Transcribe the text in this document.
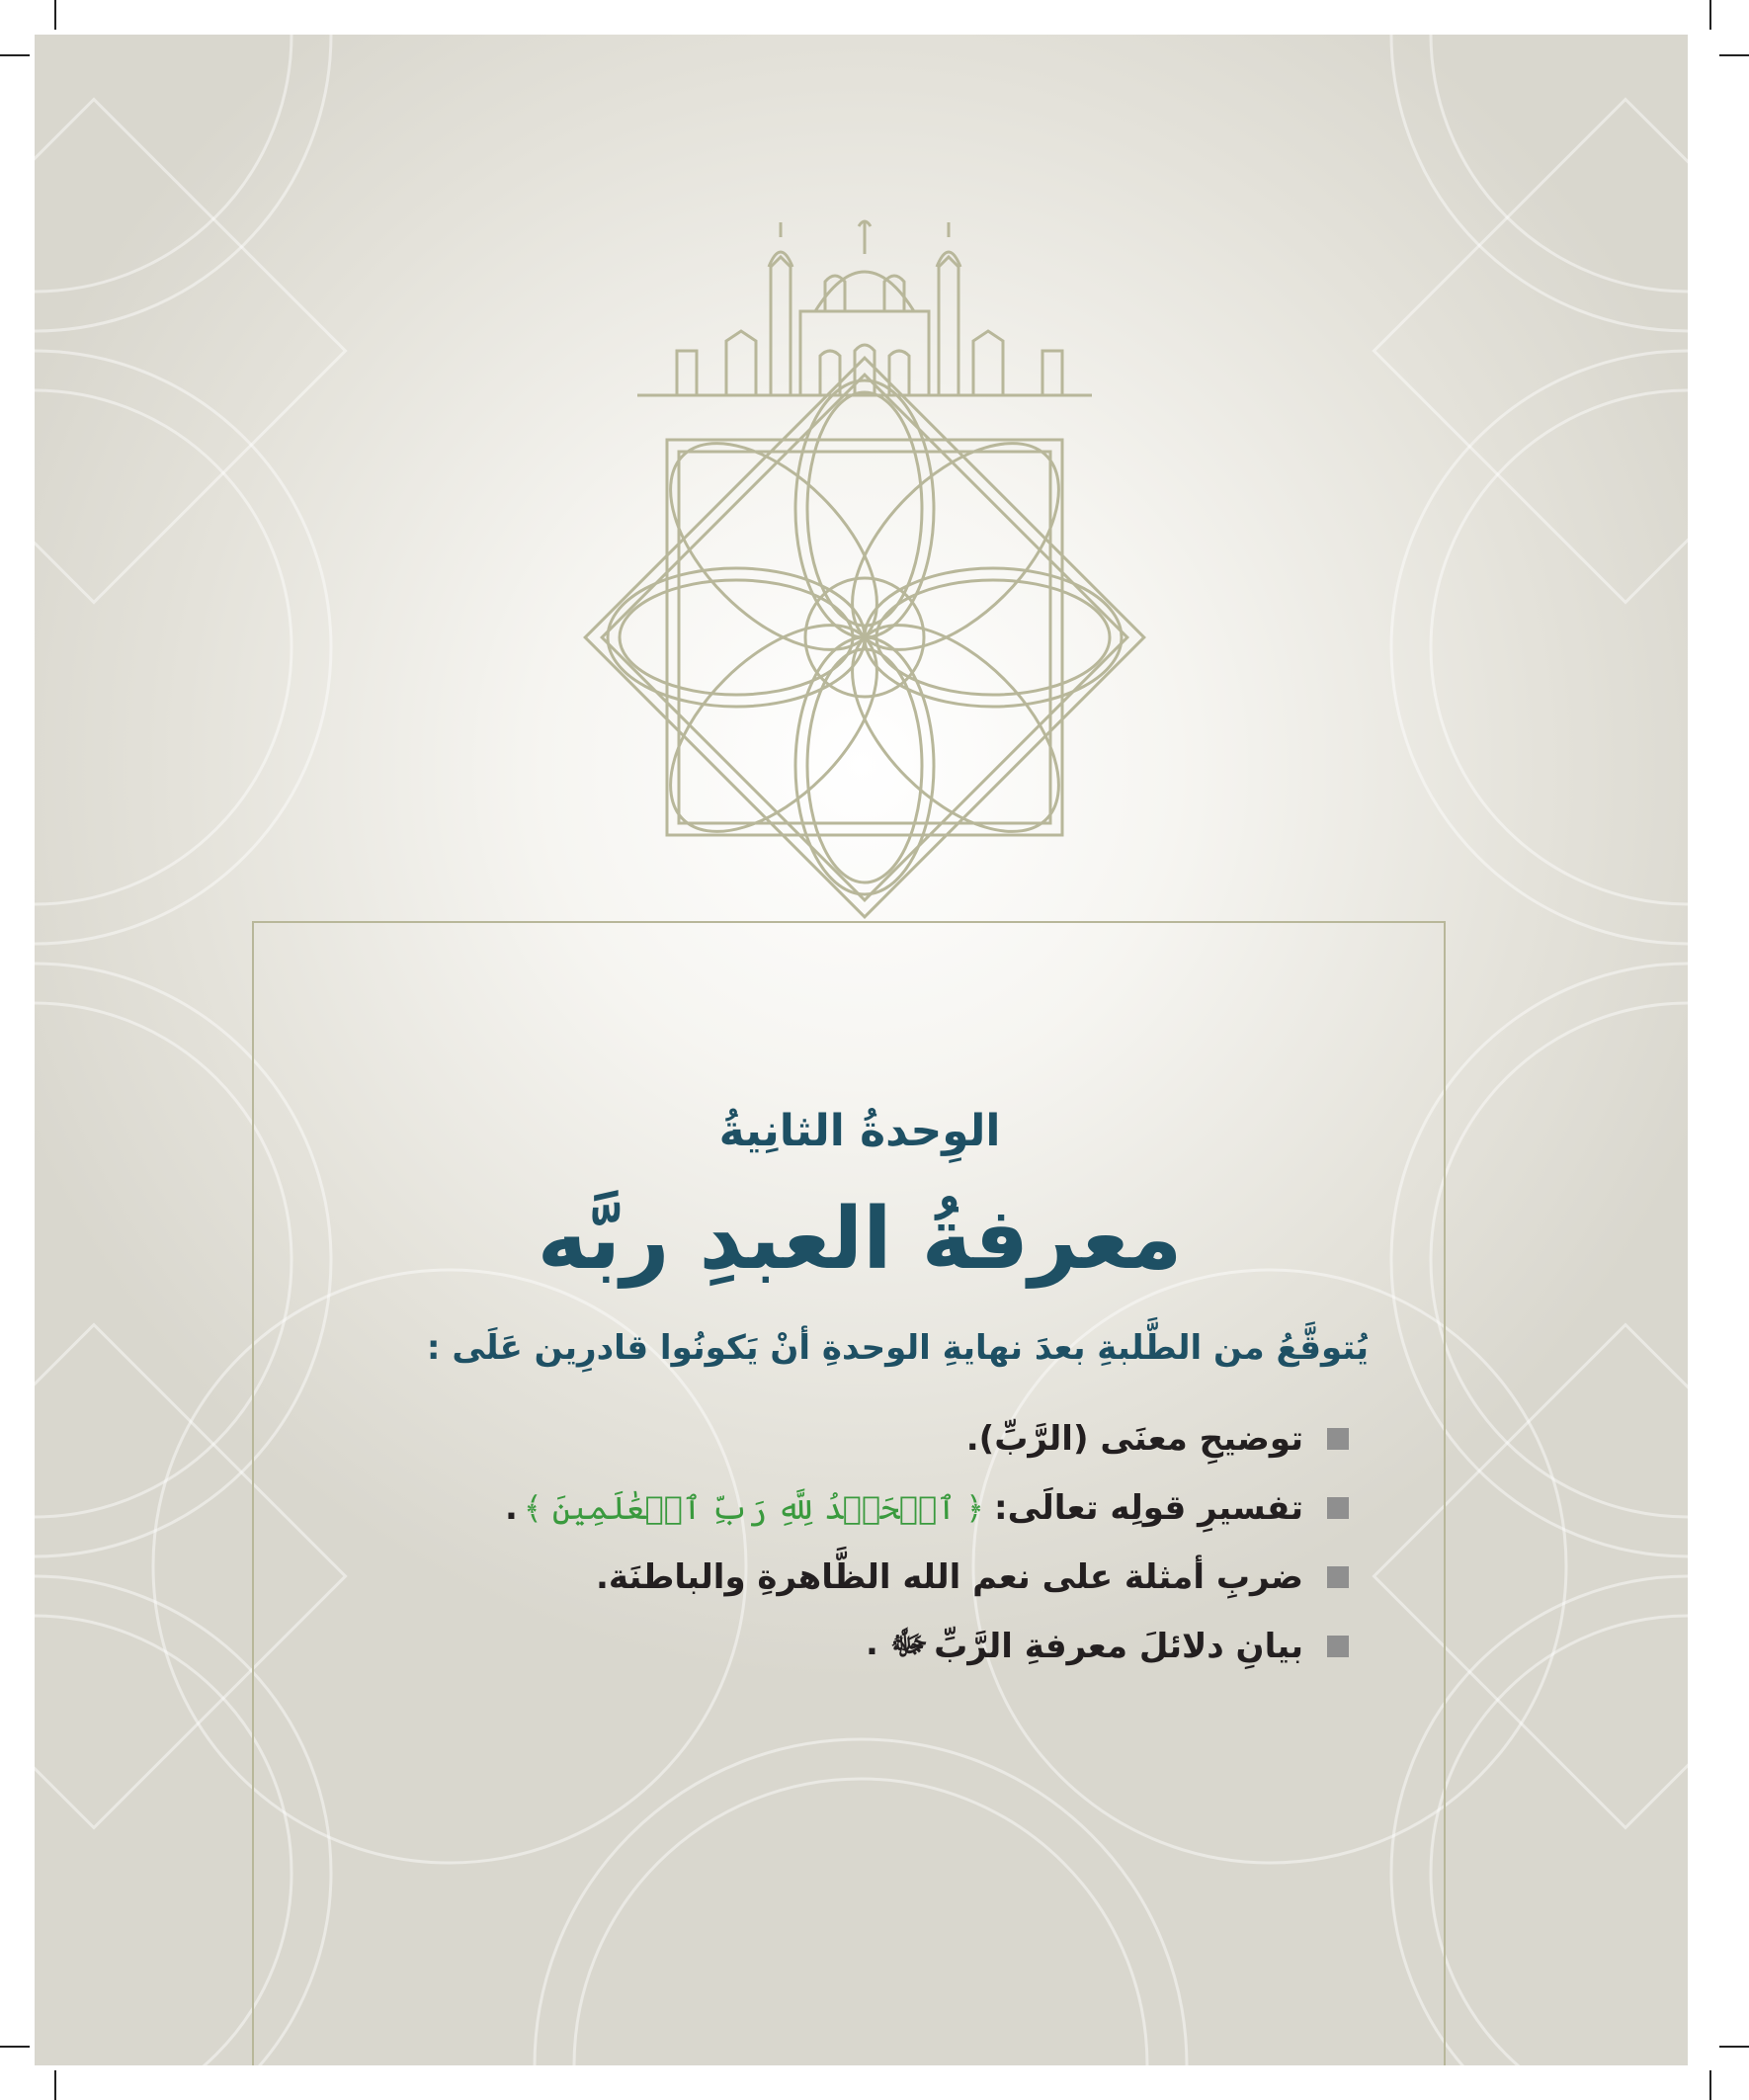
الوِحدةُ الثانِيةُ
معرفةُ العبدِ ربَّه

يُتوقَّعُ من الطَّلبةِ بعدَ نهايةِ الوحدةِ أنْ يَكونُوا قادرِين عَلَى :

توضيحِ معنَى (الرَّبِّ).
تفسيرِ قولِه تعالَى:
﴿ ٱلۡحَمۡدُ لِلَّهِ رَبِّ ٱلۡعَٰلَمِينَ ﴾
.
ضربِ أمثلة على نعم الله الظَّاهرةِ والباطنَة.
بيانِ دلائلَ معرفةِ الرَّبِّ
ﷻ .
